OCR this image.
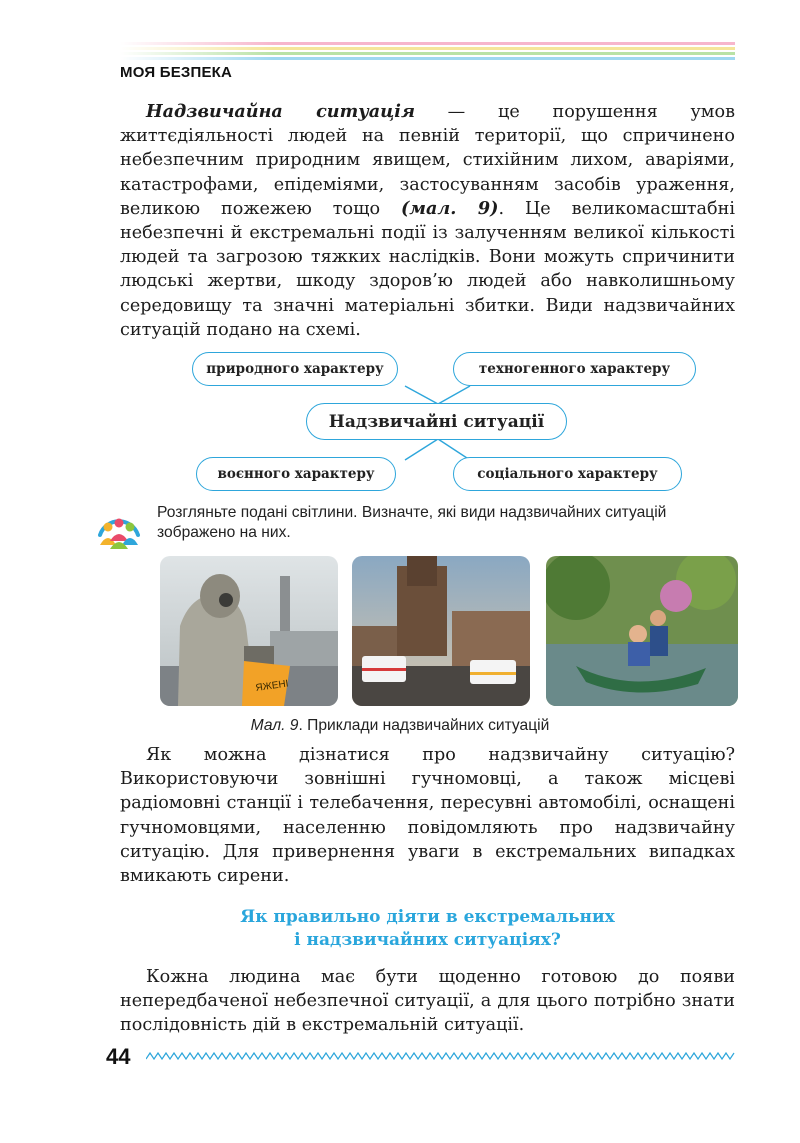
МОЯ БЕЗПЕКА

Надзвичайна ситуація — це порушення умов життєдіяльності людей на певній території, що спричинено небезпечним природним явищем, стихійним лихом, аваріями, катастрофами, епідеміями, застосуванням засобів ураження, великою пожежею тощо (мал. 9). Це великомасштабні небезпечні й екстремальні події із залученням великої кількості людей та загрозою тяжких наслідків. Вони можуть спричинити людські жертви, шкоду здоров’ю людей або навколишньому середовищу та значні матеріальні збитки. Види надзвичайних ситуацій подано на схемі.

природного характеру	техногенного характеру
Надзвичайні ситуації
воєнного характеру	соціального характеру
Розгляньте подані світлини. Визначте, які види надзвичайних ситуацій зображено на них.
ЯЖЕНІ
Мал. 9. Приклади надзвичайних ситуацій

Як можна дізнатися про надзвичайну ситуацію? Використовуючи зовнішні гучномовці, а також місцеві радіомовні станції і телебачення, пересувні автомобілі, оснащені гучномовцями, населенню повідомляють про надзвичайну ситуацію. Для привернення уваги в екстремальних випадках вмикають сирени.

Як правильно діяти в екстремальних
і надзвичайних ситуаціях?

Кожна людина має бути щоденно готовою до появи непередбаченої небезпечної ситуації, а для цього потрібно знати послідовність дій в екстремальній ситуації.

44
